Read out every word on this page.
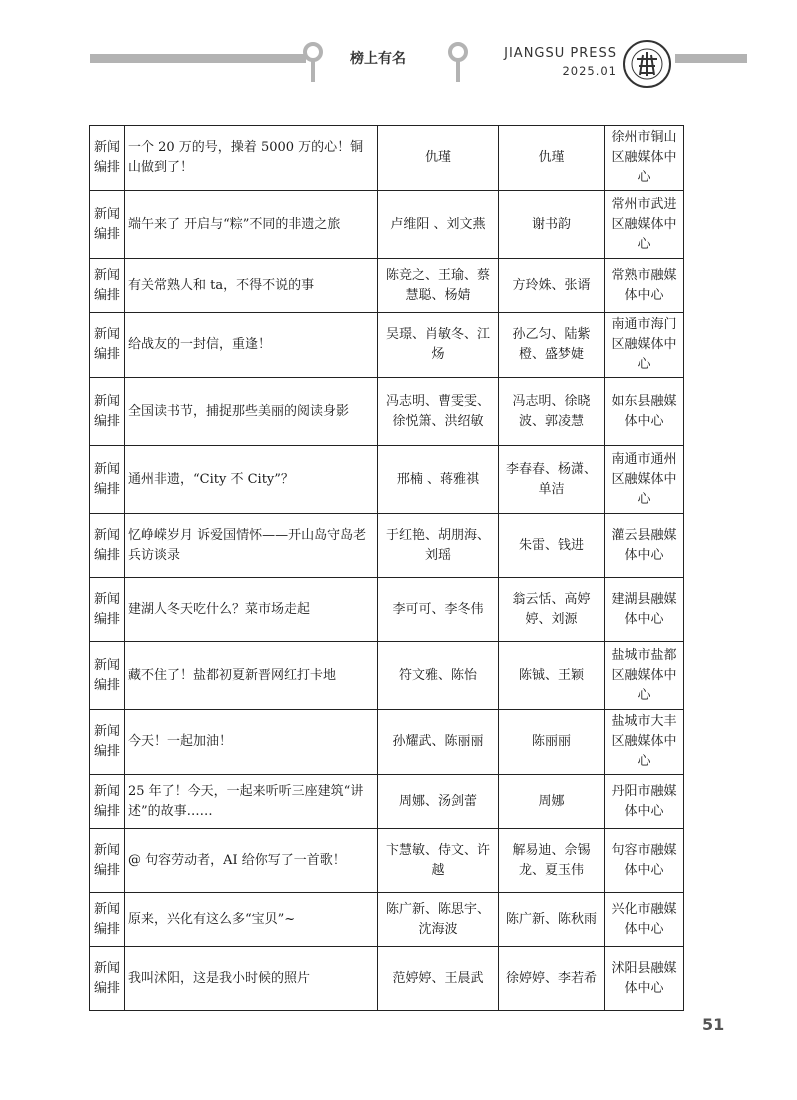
榜上有名	JIANGSU PRESS
2025.01
新闻编排	一个 20 万的号，操着 5000 万的心！铜山做到了！	仇瑾	仇瑾	徐州市铜山区融媒体中心
新闻编排	端午来了 开启与“粽”不同的非遗之旅	卢维阳 、刘文燕	谢书韵	常州市武进区融媒体中心
新闻编排	有关常熟人和 ta，不得不说的事	陈竞之、王瑜、蔡慧聪、杨婧	方玲姝、张谞	常熟市融媒体中心
新闻编排	给战友的一封信，重逢！	吴璟、肖敏冬、江炀	孙乙匀、陆紫橙、盛梦婕	南通市海门区融媒体中心
新闻编排	全国读书节，捕捉那些美丽的阅读身影	冯志明、曹雯雯、徐悦箫、洪绍敏	冯志明、徐晓波、郭凌慧	如东县融媒体中心
新闻编排	通州非遗，“City 不 City”？	邢楠 、蒋雅祺	李春春、杨潇、单洁	南通市通州区融媒体中心
新闻编排	忆峥嵘岁月 诉爱国情怀——开山岛守岛老兵访谈录	于红艳、胡朋海、刘瑶	朱雷、钱进	灌云县融媒体中心
新闻编排	建湖人冬天吃什么？菜市场走起	李可可、李冬伟	翁云恬、高婷婷、刘源	建湖县融媒体中心
新闻编排	藏不住了！盐都初夏新晋网红打卡地	符文雅、陈怡	陈铖、王颖	盐城市盐都区融媒体中心
新闻编排	今天！一起加油！	孙耀武、陈丽丽	陈丽丽	盐城市大丰区融媒体中心
新闻编排	25 年了！今天，一起来听听三座建筑“讲述”的故事……	周娜、汤剑蕾	周娜	丹阳市融媒体中心
新闻编排	@ 句容劳动者，AI 给你写了一首歌！	卞慧敏、侍文、许越	解易迪、佘锡龙、夏玉伟	句容市融媒体中心
新闻编排	原来，兴化有这么多“宝贝”~	陈广新、陈思宇、沈海波	陈广新、陈秋雨	兴化市融媒体中心
新闻编排	我叫沭阳，这是我小时候的照片	范婷婷、王晨武	徐婷婷、李若希	沭阳县融媒体中心
51
